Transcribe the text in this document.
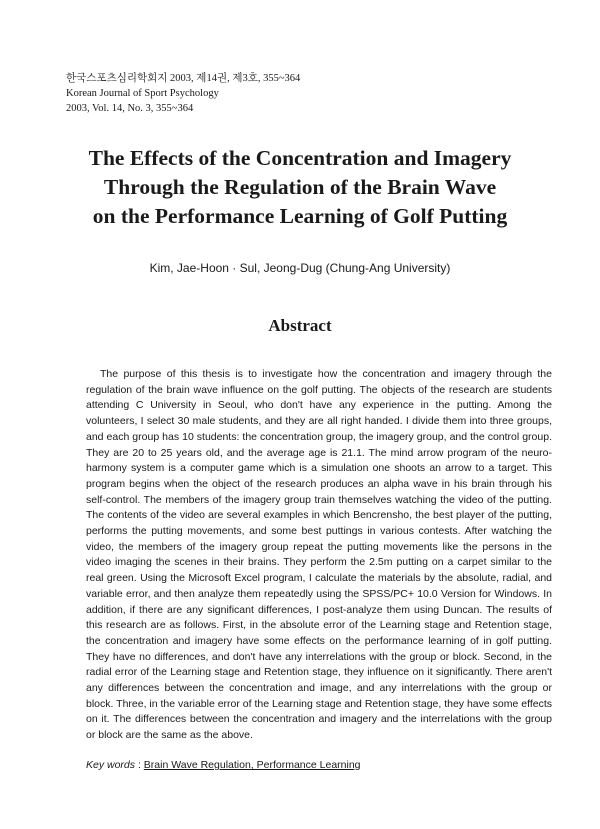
한국스포츠심리학회지 2003, 제14권, 제3호, 355~364
Korean Journal of Sport Psychology
2003, Vol. 14, No. 3, 355~364
The Effects of the Concentration and Imagery
Through the Regulation of the Brain Wave
on the Performance Learning of Golf Putting
Kim, Jae-Hoon · Sul, Jeong-Dug (Chung-Ang University)
Abstract

The purpose of this thesis is to investigate how the concentration and imagery through the regulation of the brain wave influence on the golf putting. The objects of the research are students attending C University in Seoul, who don't have any experience in the putting. Among the volunteers, I select 30 male students, and they are all right handed. I divide them into three groups, and each group has 10 students: the concentration group, the imagery group, and the control group. They are 20 to 25 years old, and the average age is 21.1. The mind arrow program of the neuro-harmony system is a computer game which is a simulation one shoots an arrow to a target. This program begins when the object of the research produces an alpha wave in his brain through his self-control. The members of the imagery group train themselves watching the video of the putting. The contents of the video are several examples in which Bencrensho, the best player of the putting, performs the putting movements, and some best puttings in various contests. After watching the video, the members of the imagery group repeat the putting movements like the persons in the video imaging the scenes in their brains. They perform the 2.5m putting on a carpet similar to the real green. Using the Microsoft Excel program, I calculate the materials by the absolute, radial, and variable error, and then analyze them repeatedly using the SPSS/PC+ 10.0 Version for Windows. In addition, if there are any significant differences, I post-analyze them using Duncan. The results of this research are as follows. First, in the absolute error of the Learning stage and Retention stage, the concentration and imagery have some effects on the performance learning of in golf putting. They have no differences, and don't have any interrelations with the group or block. Second, in the radial error of the Learning stage and Retention stage, they influence on it significantly. There aren't any differences between the concentration and image, and any interrelations with the group or block. Three, in the variable error of the Learning stage and Retention stage, they have some effects on it. The differences between the concentration and imagery and the interrelations with the group or block are the same as the above.

Key words : Brain Wave Regulation, Performance Learning
